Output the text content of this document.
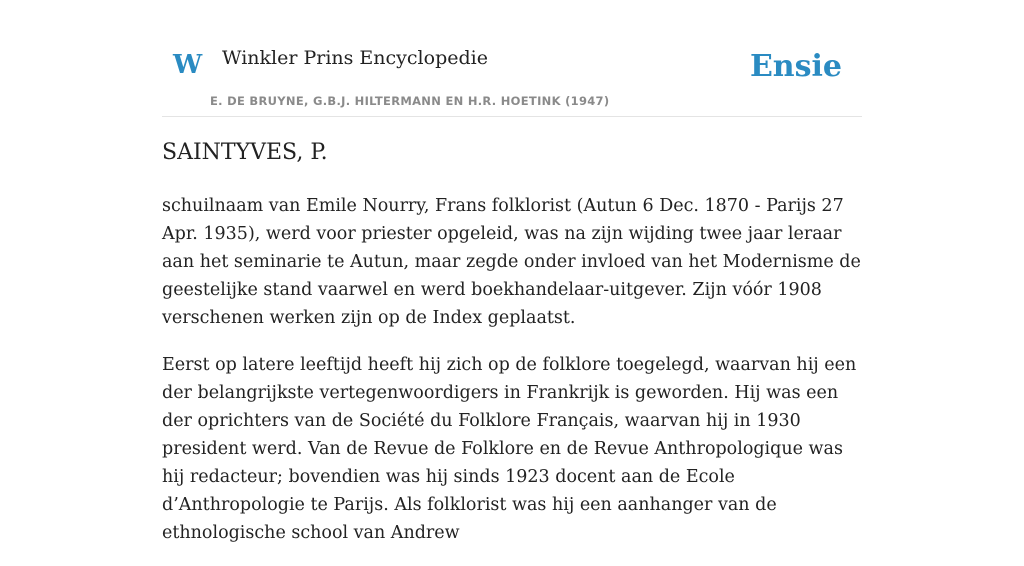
W Winkler Prins Encyclopedie
E. DE BRUYNE, G.B.J. HILTERMANN EN H.R. HOETINK (1947)
Ensie
SAINTYVES, P.

schuilnaam van Emile Nourry, Frans folklorist (Autun 6 Dec. 1870 - Parijs 27 Apr. 1935), werd voor priester opgeleid, was na zijn wijding twee jaar leraar aan het seminarie te Autun, maar zegde onder invloed van het Modernisme de geestelijke stand vaarwel en werd boekhandelaar-uitgever. Zijn vóór 1908 verschenen werken zijn op de Index geplaatst.

Eerst op latere leeftijd heeft hij zich op de folklore toegelegd, waarvan hij een der belangrijkste vertegenwoordigers in Frankrijk is geworden. Hij was een der oprichters van de Société du Folklore Français, waarvan hij in 1930 president werd. Van de Revue de Folklore en de Revue Anthropologique was hij redacteur; bovendien was hij sinds 1923 docent aan de Ecole d’Anthropologie te Parijs. Als folklorist was hij een aanhanger van de ethnologische school van Andrew
